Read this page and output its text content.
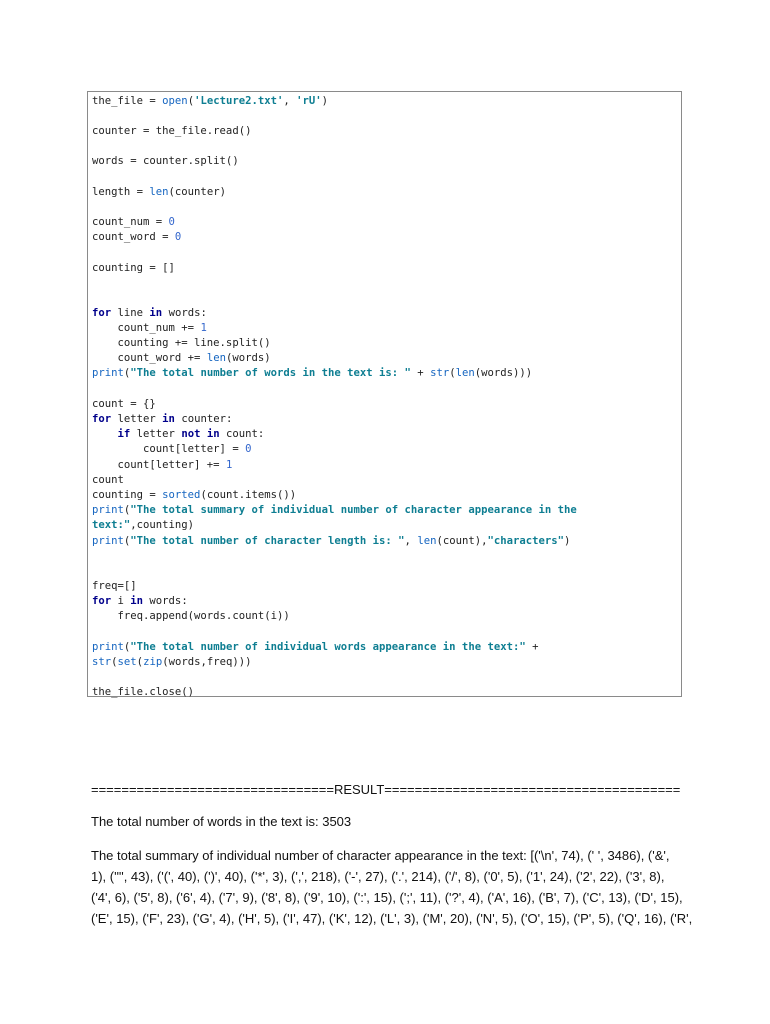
the_file = open('Lecture2.txt', 'rU')
counter = the_file.read()
words = counter.split()
length = len(counter)
count_num = 0
count_word = 0
counting = []
for line in words:
count_num += 1
counting += line.split()
count_word += len(words)
print("The total number of words in the text is: " + str(len(words)))
count = {}
for letter in counter:
if letter not in count:
count[letter] = 0
count[letter] += 1
count
counting = sorted(count.items())
print("The total summary of individual number of character appearance in the
text:",counting)
print("The total number of character length is: ", len(count),"characters")
freq=[]
for i in words:
freq.append(words.count(i))
print("The total number of individual words appearance in the text:" +
str(set(zip(words,freq)))
the_file.close()
================================RESULT=======================================
The total number of words in the text is: 3503
The total summary of individual number of character appearance in the text: [('\n', 74), (' ', 3486), ('&',
1), ('"', 43), ('(', 40), (')', 40), ('*', 3), (',', 218), ('-', 27), ('.', 214), ('/', 8), ('0', 5), ('1', 24), ('2', 22), ('3', 8),
('4', 6), ('5', 8), ('6', 4), ('7', 9), ('8', 8), ('9', 10), (':', 15), (';', 11), ('?', 4), ('A', 16), ('B', 7), ('C', 13), ('D', 15),
('E', 15), ('F', 23), ('G', 4), ('H', 5), ('I', 47), ('K', 12), ('L', 3), ('M', 20), ('N', 5), ('O', 15), ('P', 5), ('Q', 16), ('R',
